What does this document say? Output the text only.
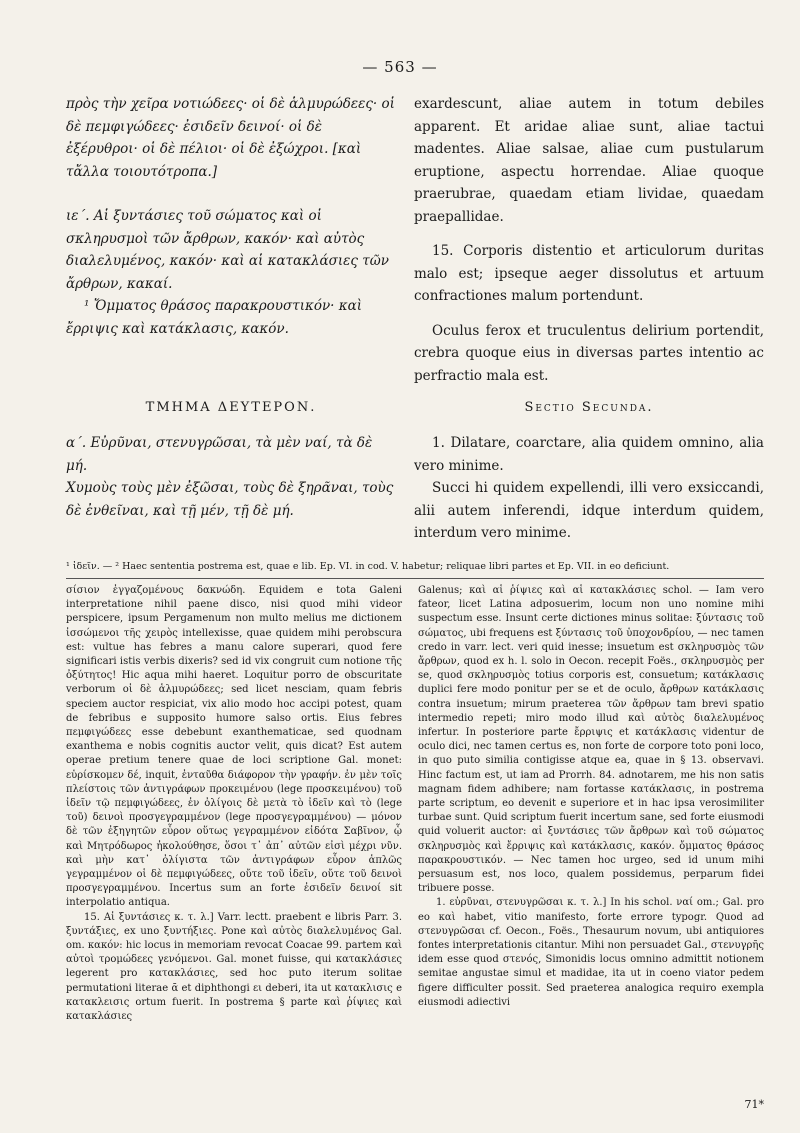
— 563 —

πρὸς τὴν χεῖρα νοτιώδεες· οἱ δὲ ἁλμυρώδεες· οἱ δὲ πεμφιγώδεες· ἐσιδεῖν δεινοί· οἱ δὲ ἐξέρυθροι· οἱ δὲ πέλιοι· οἱ δὲ ἐξώχροι. [καὶ τἄλλα τοιουτότροπα.]

ιε΄. Αἱ ξυντάσιες τοῦ σώματος καὶ οἱ σκληρυσμοὶ τῶν ἄρθρων, κακόν· καὶ αὐτὸς διαλελυμένος, κακόν· καὶ αἱ κατακλάσιες τῶν ἄρθρων, κακαί.

¹ Ὄμματος θράσος παρακρουστικόν· καὶ ἔρριψις καὶ κατάκλασις, κακόν.

exardescunt, aliae autem in totum debiles apparent. Et aridae aliae sunt, aliae tactui madentes. Aliae salsae, aliae cum pustularum eruptione, aspectu horrendae. Aliae quoque praerubrae, quaedam etiam lividae, quaedam praepallidae.

15. Corporis distentio et articulorum duritas malo est; ipseque aeger dissolutus et artuum confractiones malum portendunt.

Oculus ferox et truculentus delirium portendit, crebra quoque eius in diversas partes intentio ac perfractio mala est.

ΤΜΗΜΑ ΔΕΥΤΕΡΟΝ.	Sectio Secunda.

α΄. Εὐρῦναι, στενυγρῶσαι, τὰ μὲν ναί, τὰ δὲ μή.

Χυμοὺς τοὺς μὲν ἐξῶσαι, τοὺς δὲ ξηρᾶναι, τοὺς δὲ ἐνθεῖναι, καὶ τῇ μέν, τῇ δὲ μή.

1. Dilatare, coarctare, alia quidem omnino, alia vero minime.

Succi hi quidem expellendi, illi vero exsiccandi, alii autem inferendi, idque interdum quidem, interdum vero minime.

¹ ἰδεῖν. — ² Haec sententia postrema est, quae e lib. Ep. VI. in cod. V. habetur; reliquae libri partes et Ep. VII. in eo deficiunt.

σίσιον ἐγγαζομένους δακνώδη. Equidem e tota Galeni interpretatione nihil paene disco, nisi quod mihi videor perspicere, ipsum Pergamenum non multo melius me dictionem ἰσσώμενοι τῆς χειρὸς intellexisse, quae quidem mihi perobscura est: vultue has febres a manu calore superari, quod fere significari istis verbis dixeris? sed id vix congruit cum notione τῆς ὀξύτητος! Hic aqua mihi haeret. Loquitur porro de obscuritate verborum οἱ δὲ ἁλμυρώδεες; sed licet nesciam, quam febris speciem auctor respiciat, vix alio modo hoc accipi potest, quam de febribus e supposito humore salso ortis. Eius febres πεμφιγώδεες esse debebunt exanthematicae, sed quodnam exanthema e nobis cognitis auctor velit, quis dicat? Est autem operae pretium tenere quae de loci scriptione Gal. monet: εὑρίσκομεν δέ, inquit, ἐνταῦθα διάφορον τὴν γραφήν. ἐν μὲν τοῖς πλείστοις τῶν ἀντιγράφων προκειμένου (lege προσκειμένου) τοῦ ἰδεῖν τῷ πεμφιγώδεες, ἐν ὀλίγοις δὲ μετὰ τὸ ἰδεῖν καὶ τὸ (lege τοῦ) δεινοὶ προσγεγραμμένον (lege προσγεγραμμένου) — μόνον δὲ τῶν ἐξηγητῶν εὗρον οὕτως γεγραμμένον εἰδότα Σαβῖνον, ᾧ καὶ Μητρόδωρος ἠκολούθησε, ὅσοι τ᾿ ἀπ᾿ αὐτῶν εἰσὶ μέχρι νῦν. καὶ μὴν κατ᾿ ὀλίγιστα τῶν ἀντιγράφων εὗρον ἁπλῶς γεγραμμένον οἱ δὲ πεμφιγώδεες, οὔτε τοῦ ἰδεῖν, οὔτε τοῦ δεινοὶ προσγεγραμμένου. Incertus sum an forte ἐσιδεῖν δεινοί sit interpolatio antiqua.

15. Αἱ ξυντάσιες κ. τ. λ.] Varr. lectt. praebent e libris Parr. 3. ξυντάξιες, ex uno ξυντήξιες. Pone καὶ αὐτὸς διαλελυμένος Gal. om. κακόν: hic locus in memoriam revocat Coacae 99. partem καὶ αὐτοὶ τρομώδεες γενόμενοι. Gal. monet fuisse, qui κατακλάσιες legerent pro κατακλάσιες, sed hoc puto iterum solitae permutationi literae ᾱ et diphthongi ει deberi, ita ut κατακλισις e κατακλεισις ortum fuerit. In postrema § parte καὶ ῥίψιες καὶ κατακλάσιες

Galenus; καὶ αἱ ῥίψιες καὶ αἱ κατακλάσιες schol. — Iam vero fateor, licet Latina adposuerim, locum non uno nomine mihi suspectum esse. Insunt certe dictiones minus solitae: ξύντασις τοῦ σώματος, ubi frequens est ξύντασις τοῦ ὑποχονδρίου, — nec tamen credo in varr. lect. veri quid inesse; insuetum est σκληρυσμὸς τῶν ἄρθρων, quod ex h. l. solo in Oecon. recepit Foës., σκληρυσμὸς per se, quod σκληρυσμὸς totius corporis est, consuetum; κατάκλασις duplici fere modo ponitur per se et de oculo, ἄρθρων κατάκλασις contra insuetum; mirum praeterea τῶν ἄρθρων tam brevi spatio intermedio repeti; miro modo illud καὶ αὐτὸς διαλελυμένος infertur. In posteriore parte ἔρριψις et κατάκλασις videntur de oculo dici, nec tamen certus es, non forte de corpore toto poni loco, in quo puto similia contigisse atque ea, quae in § 13. observavi. Hinc factum est, ut iam ad Prorrh. 84. adnotarem, me his non satis magnam fidem adhibere; nam fortasse κατάκλασις, in postrema parte scriptum, eo devenit e superiore et in hac ipsa verosimiliter turbae sunt. Quid scriptum fuerit incertum sane, sed forte eiusmodi quid voluerit auctor: αἱ ξυντάσιες τῶν ἄρθρων καὶ τοῦ σώματος σκληρυσμὸς καὶ ἔρριψις καὶ κατάκλασις, κακόν. ὄμματος θράσος παρακρουστικόν. — Nec tamen hoc urgeo, sed id unum mihi persuasum est, nos loco, qualem possidemus, perparum fidei tribuere posse.

1. εὐρῦναι, στενυγρῶσαι κ. τ. λ.] In his schol. ναί om.; Gal. pro eo καὶ habet, vitio manifesto, forte errore typogr. Quod ad στενυγρῶσαι cf. Oecon., Foës., Thesaurum novum, ubi antiquiores fontes interpretationis citantur. Mihi non persuadet Gal., στενυγρῆς idem esse quod στενός, Simonidis locus omnino admittit notionem semitae angustae simul et madidae, ita ut in coeno viator pedem figere difficulter possit. Sed praeterea analogica requiro exempla eiusmodi adiectivi

71*
